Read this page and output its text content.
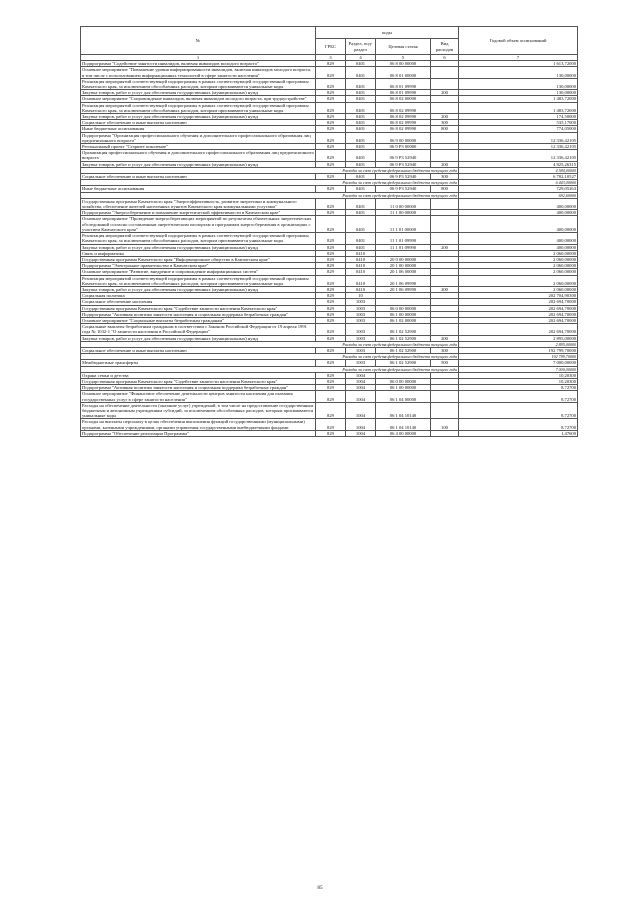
№	коды				Годовой объем ассигнований
	ГРБС	Раздел, под-раздел	Целевая статья	Вид расходов	
1	3	4	5	6	7
Подпрограмма "Содействие занятости инвалидов, включая инвалидов молодого возраста"	829	0401	06 8 00 00000		1 613,72000
Основное мероприятие "Повышение уровня информированности инвалидов, включая инвалидов молодого возраста, в том числе с использованием информационных технологий в сфере занятости населения"	829	0401	06 8 01 00000		130,00000
Реализация мероприятий соответствующей подпрограммы в рамках соответствующей государственной программы Камчатского края, за исключением обособленных расходов, которым присваиваются уникальные коды	829	0401	06 8 01 09990		130,00000
Закупка товаров, работ и услуг для обеспечения государственных (муниципальных) нужд	829	0401	06 8 01 09990	200	130,00000
Основное мероприятие "Сопровождение инвалидов, включая инвалидов молодого возраста, при трудоустройстве"	829	0401	06 8 02 00000		1 483,72000
Реализация мероприятий соответствующей подпрограммы в рамках соответствующей государственной программы Камчатского края, за исключением обособленных расходов, которым присваиваются уникальные коды	829	0401	06 8 02 09990		1 483,72000
Закупка товаров, работ и услуг для обеспечения государственных (муниципальных) нужд	829	0401	06 8 02 09990	200	174,50000
Социальное обеспечение и иные выплаты населению	829	0401	06 8 02 09990	300	535,17000
Иные бюджетные ассигнования	829	0401	06 8 02 09990	800	774,05000
Подпрограмма "Организация профессионального обучения и дополнительного профессионального образования лиц предпенсионного возраста"	829	0401	06 9 00 00000		12 336,42105
Региональный проект "Старшее поколение"	829	0401	06 9 P3 00000		12 336,42105
Организация профессионального обучения и дополнительного профессионального образования лиц предпенсионного возраста	829	0401	06 9 P3 52940		12 336,42105
Закупка товаров, работ и услуг для обеспечения государственных (муниципальных) нужд	829	0401	06 9 P3 52940	200	4 825,26315
Расходы за счет средств федерального бюджета текущего года					4 584,00000
Социальное обеспечение и иные выплаты населению	829	0401	06 9 P3 52940	300	6 782,10527
Расходы за счет средств федерального бюджета текущего года					6 443,00000
Иные бюджетные ассигнования	829	0401	06 9 P3 52940	800	729,05263
Расходы за счет средств федерального бюджета текущего года					692,60000
Государственная программа Камчатского края "Энергоэффективность, развитие энергетики и коммунального хозяйства, обеспечение жителей населенных пунктов Камчатского края коммунальными услугами"	829	0401	11 0 00 00000		400,00000
Подпрограмма "Энергосбережение и повышение энергетической эффективности в Камчатском крае"	829	0401	11 1 00 00000		400,00000
Основное мероприятие "Проведение энергосберегающих мероприятий по результатам обязательных энергетических обследований согласно составленным энергетическим паспортам и программам энергосбережения в организациях с участием Камчатского края"	829	0401	11 1 01 00000		400,00000
Реализация мероприятий соответствующей подпрограммы в рамках соответствующей государственной программы Камчатского края, за исключением обособленных расходов, которым присваиваются уникальные коды	829	0401	11 1 01 09990		400,00000
Закупка товаров, работ и услуг для обеспечения государственных (муниципальных) нужд	829	0401	11 1 01 09990	200	400,00000
Связь и информатика	829	0410			2 060,00000
Государственная программа Камчатского края "Информационное общество в Камчатском крае"	829	0410	20 0 00 00000		2 060,00000
Подпрограмма "Электронное правительство в Камчатском крае"	829	0410	20 1 00 00000		2 060,00000
Основное мероприятие "Развитие, внедрение и сопровождение информационных систем"	829	0410	20 1 06 00000		2 060,00000
Реализация мероприятий соответствующей подпрограммы в рамках соответствующей государственной программы Камчатского края, за исключением обособленных расходов, которым присваиваются уникальные коды	829	0410	20 1 06 09990		2 060,00000
Закупка товаров, работ и услуг для обеспечения государственных (муниципальных) нужд	829	0410	20 1 06 09990	200	2 060,00000
Социальная политика	829	10			202 704,90300
Социальное обеспечение населения	829	1003			202 694,70000
Государственная программа Камчатского края "Содействие занятости населения Камчатского края"	829	1003	06 0 00 00000		202 694,70000
Подпрограмма "Активная политика занятости населения и социальная поддержка безработных граждан"	829	1003	06 1 00 00000		202 694,70000
Основное мероприятие "Социальные выплаты безработным гражданам"	829	1003	06 1 02 00000		202 694,70000
Социальные выплаты безработным гражданам в соответствии с Законом Российской Федерации от 19 апреля 1991 года № 1032-1 "О занятости населения в Российской Федерации"	829	1003	06 1 02 52900		202 694,70000
Закупка товаров, работ и услуг для обеспечения государственных (муниципальных) нужд	829	1003	06 1 02 52900	200	2 895,00000
Расходы за счет средств федерального бюджета текущего года					2 895,00000
Социальное обеспечение и иные выплаты населению	829	1003	06 1 02 52900	300	192 799,70000
Расходы за счет средств федерального бюджета текущего года					192 799,70000
Межбюджетные трансферты	829	1003	06 1 02 52900	500	7 000,00000
Расходы за счет средств федерального бюджета текущего года					7 000,00000
Охрана семьи и детства	829	1004			10,20300
Государственная программа Камчатского края "Содействие занятости населения Камчатского края"	829	1004	06 0 00 00000		10,20300
Подпрограмма "Активная политика занятости населения и социальная поддержка безработных граждан"	829	1004	06 1 00 00000		8,72700
Основное мероприятие "Финансовое обеспечение деятельности центров занятости населения для оказания государственных услуг в сфере занятости населения"	829	1004	06 1 04 00000		8,72700
Расходы на обеспечение деятельности (оказание услуг) учреждений, в том числе на предоставление государственным бюджетным и автономным учреждениям субсидий, за исключением обособленных расходов, которым присваиваются уникальные коды	829	1004	06 1 04 10140		8,72700
Расходы на выплаты персоналу в целях обеспечения выполнения функций государственными (муниципальными) органами, казенными учреждениями, органами управления государственными внебюджетными фондами	829	1004	06 1 04 10140	100	8,72700
Подпрограмма "Обеспечение реализации Программы"	829	1004	06 4 00 00000		1,47600
85
